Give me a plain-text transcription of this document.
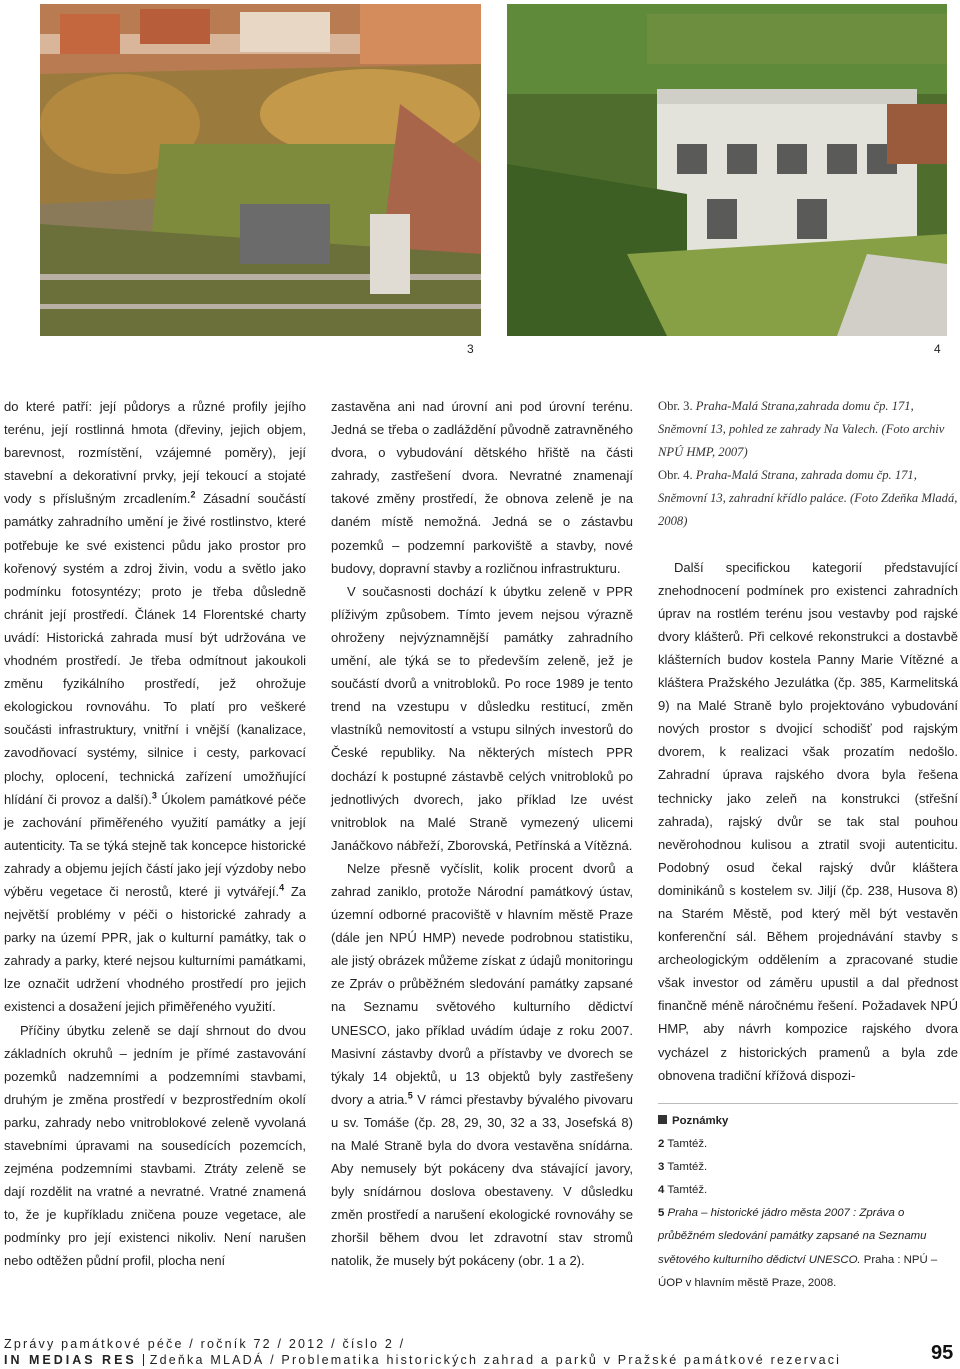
3	4

do které patří: její půdorys a různé profily jejího terénu, její rostlinná hmota (dřeviny, jejich objem, barevnost, rozmístění, vzájemné poměry), její stavební a dekorativní prvky, její tekoucí a stojaté vody s příslušným zrcadlením.$^2$ Zásadní součástí památky zahradního umění je živé rostlinstvo, které potřebuje ke své existenci půdu jako prostor pro kořenový systém a zdroj živin, vodu a světlo jako podmínku fotosyntézy; proto je třeba důsledně chránit její prostředí. Článek 14 Florentské charty uvádí: Historická zahrada musí být udržována ve vhodném prostředí. Je třeba odmítnout jakoukoli změnu fyzikálního prostředí, jež ohrožuje ekologickou rovnováhu. To platí pro veškeré součásti infrastruktury, vnitřní i vnější (kanalizace, zavodňovací systémy, silnice i cesty, parkovací plochy, oplocení, technická zařízení umožňující hlídání či provoz a další).$^3$ Úkolem památkové péče je zachování přiměřeného využití památky a její autenticity. Ta se týká stejně tak koncepce historické zahrady a objemu jejích částí jako její výzdoby nebo výběru vegetace či nerostů, které ji vytvářejí.$^4$ Za největší problémy v péči o historické zahrady a parky na území PPR, jak o kulturní památky, tak o zahrady a parky, které nejsou kulturními památkami, lze označit udržení vhodného prostředí pro jejich existenci a dosažení jejich přiměřeného využití.

Příčiny úbytku zeleně se dají shrnout do dvou základních okruhů – jedním je přímé zastavování pozemků nadzemními a podzemními stavbami, druhým je změna prostředí v bezprostředním okolí parku, zahrady nebo vnitroblokové zeleně vyvolaná stavebními úpravami na sousedících pozemcích, zejména podzemními stavbami. Ztráty zeleně se dají rozdělit na vratné a nevratné. Vratné znamená to, že je kupříkladu zničena pouze vegetace, ale podmínky pro její existenci nikoliv. Není narušen nebo odtěžen půdní profil, plocha není

zastavěna ani nad úrovní ani pod úrovní terénu. Jedná se třeba o zadláždění původně zatravněného dvora, o vybudování dětského hřiště na části zahrady, zastřešení dvora. Nevratné znamenají takové změny prostředí, že obnova zeleně je na daném místě nemožná. Jedná se o zástavbu pozemků – podzemní parkoviště a stavby, nové budovy, dopravní stavby a rozličnou infrastrukturu.

V současnosti dochází k úbytku zeleně v PPR plíživým způsobem. Tímto jevem nejsou výrazně ohroženy nejvýznamnější památky zahradního umění, ale týká se to především zeleně, jež je součástí dvorů a vnitrobloků. Po roce 1989 je tento trend na vzestupu v důsledku restitucí, změn vlastníků nemovitostí a vstupu silných investorů do České republiky. Na některých místech PPR dochází k postupné zástavbě celých vnitrobloků po jednotlivých dvorech, jako příklad lze uvést vnitroblok na Malé Straně vymezený ulicemi Janáčkovo nábřeží, Zborovská, Petřínská a Vítězná.

Nelze přesně vyčíslit, kolik procent dvorů a zahrad zaniklo, protože Národní památkový ústav, územní odborné pracoviště v hlavním městě Praze (dále jen NPÚ HMP) nevede podrobnou statistiku, ale jistý obrázek můžeme získat z údajů monitoringu ze Zpráv o průběžném sledování památky zapsané na Seznamu světového kulturního dědictví UNESCO, jako příklad uvádím údaje z roku 2007. Masivní zástavby dvorů a přístavby ve dvorech se týkaly 14 objektů, u 13 objektů byly zastřešeny dvory a atria.$^5$ V rámci přestavby bývalého pivovaru u sv. Tomáše (čp. 28, 29, 30, 32 a 33, Josefská 8) na Malé Straně byla do dvora vestavěna snídárna. Aby nemusely být pokáceny dva stávající javory, byly snídárnou doslova obestaveny. V důsledku změn prostředí a narušení ekologické rovnováhy se zhoršil během dvou let zdravotní stav stromů natolik, že musely být pokáceny (obr. 1 a 2).

Obr. 3. Praha-Malá Strana,zahrada domu čp. 171, Sněmovní 13, pohled ze zahrady Na Valech. (Foto archiv NPÚ HMP, 2007)
Obr. 4. Praha-Malá Strana, zahrada domu čp. 171, Sněmovní 13, zahradní křídlo paláce. (Foto Zdeňka Mladá, 2008)

Další specifickou kategorií představující znehodnocení podmínek pro existenci zahradních úprav na rostlém terénu jsou vestavby pod rajské dvory klášterů. Při celkové rekonstrukci a dostavbě klášterních budov kostela Panny Marie Vítězné a kláštera Pražského Jezulátka (čp. 385, Karmelitská 9) na Malé Straně bylo projektováno vybudování nových prostor s dvojicí schodišť pod rajským dvorem, k realizaci však prozatím nedošlo. Zahradní úprava rajského dvora byla řešena technicky jako zeleň na konstrukci (střešní zahrada), rajský dvůr se tak stal pouhou nevěrohodnou kulisou a ztratil svoji autenticitu. Podobný osud čekal rajský dvůr kláštera dominikánů s kostelem sv. Jiljí (čp. 238, Husova 8) na Starém Městě, pod který měl být vestavěn konferenční sál. Během projednávání stavby s archeologickým oddělením a zpracované studie však investor od záměru upustil a dal přednost finančně méně náročnému řešení. Požadavek NPÚ HMP, aby návrh kompozice rajského dvora vycházel z historických pramenů a byla zde obnovena tradiční křížová dispozi-

Poznámky
2 Tamtéž.
3 Tamtéž.
4 Tamtéž.
5 Praha – historické jádro města 2007 : Zpráva o průběžném sledování památky zapsané na Seznamu světového kulturního dědictví UNESCO. Praha : NPÚ – ÚOP v hlavním městě Praze, 2008.
Zprávy památkové péče / ročník 72 / 2012 / číslo 2 /
IN MEDIAS RES Zdeňka MLADÁ / Problematika historických zahrad a parků v Pražské památkové rezervaci	95
